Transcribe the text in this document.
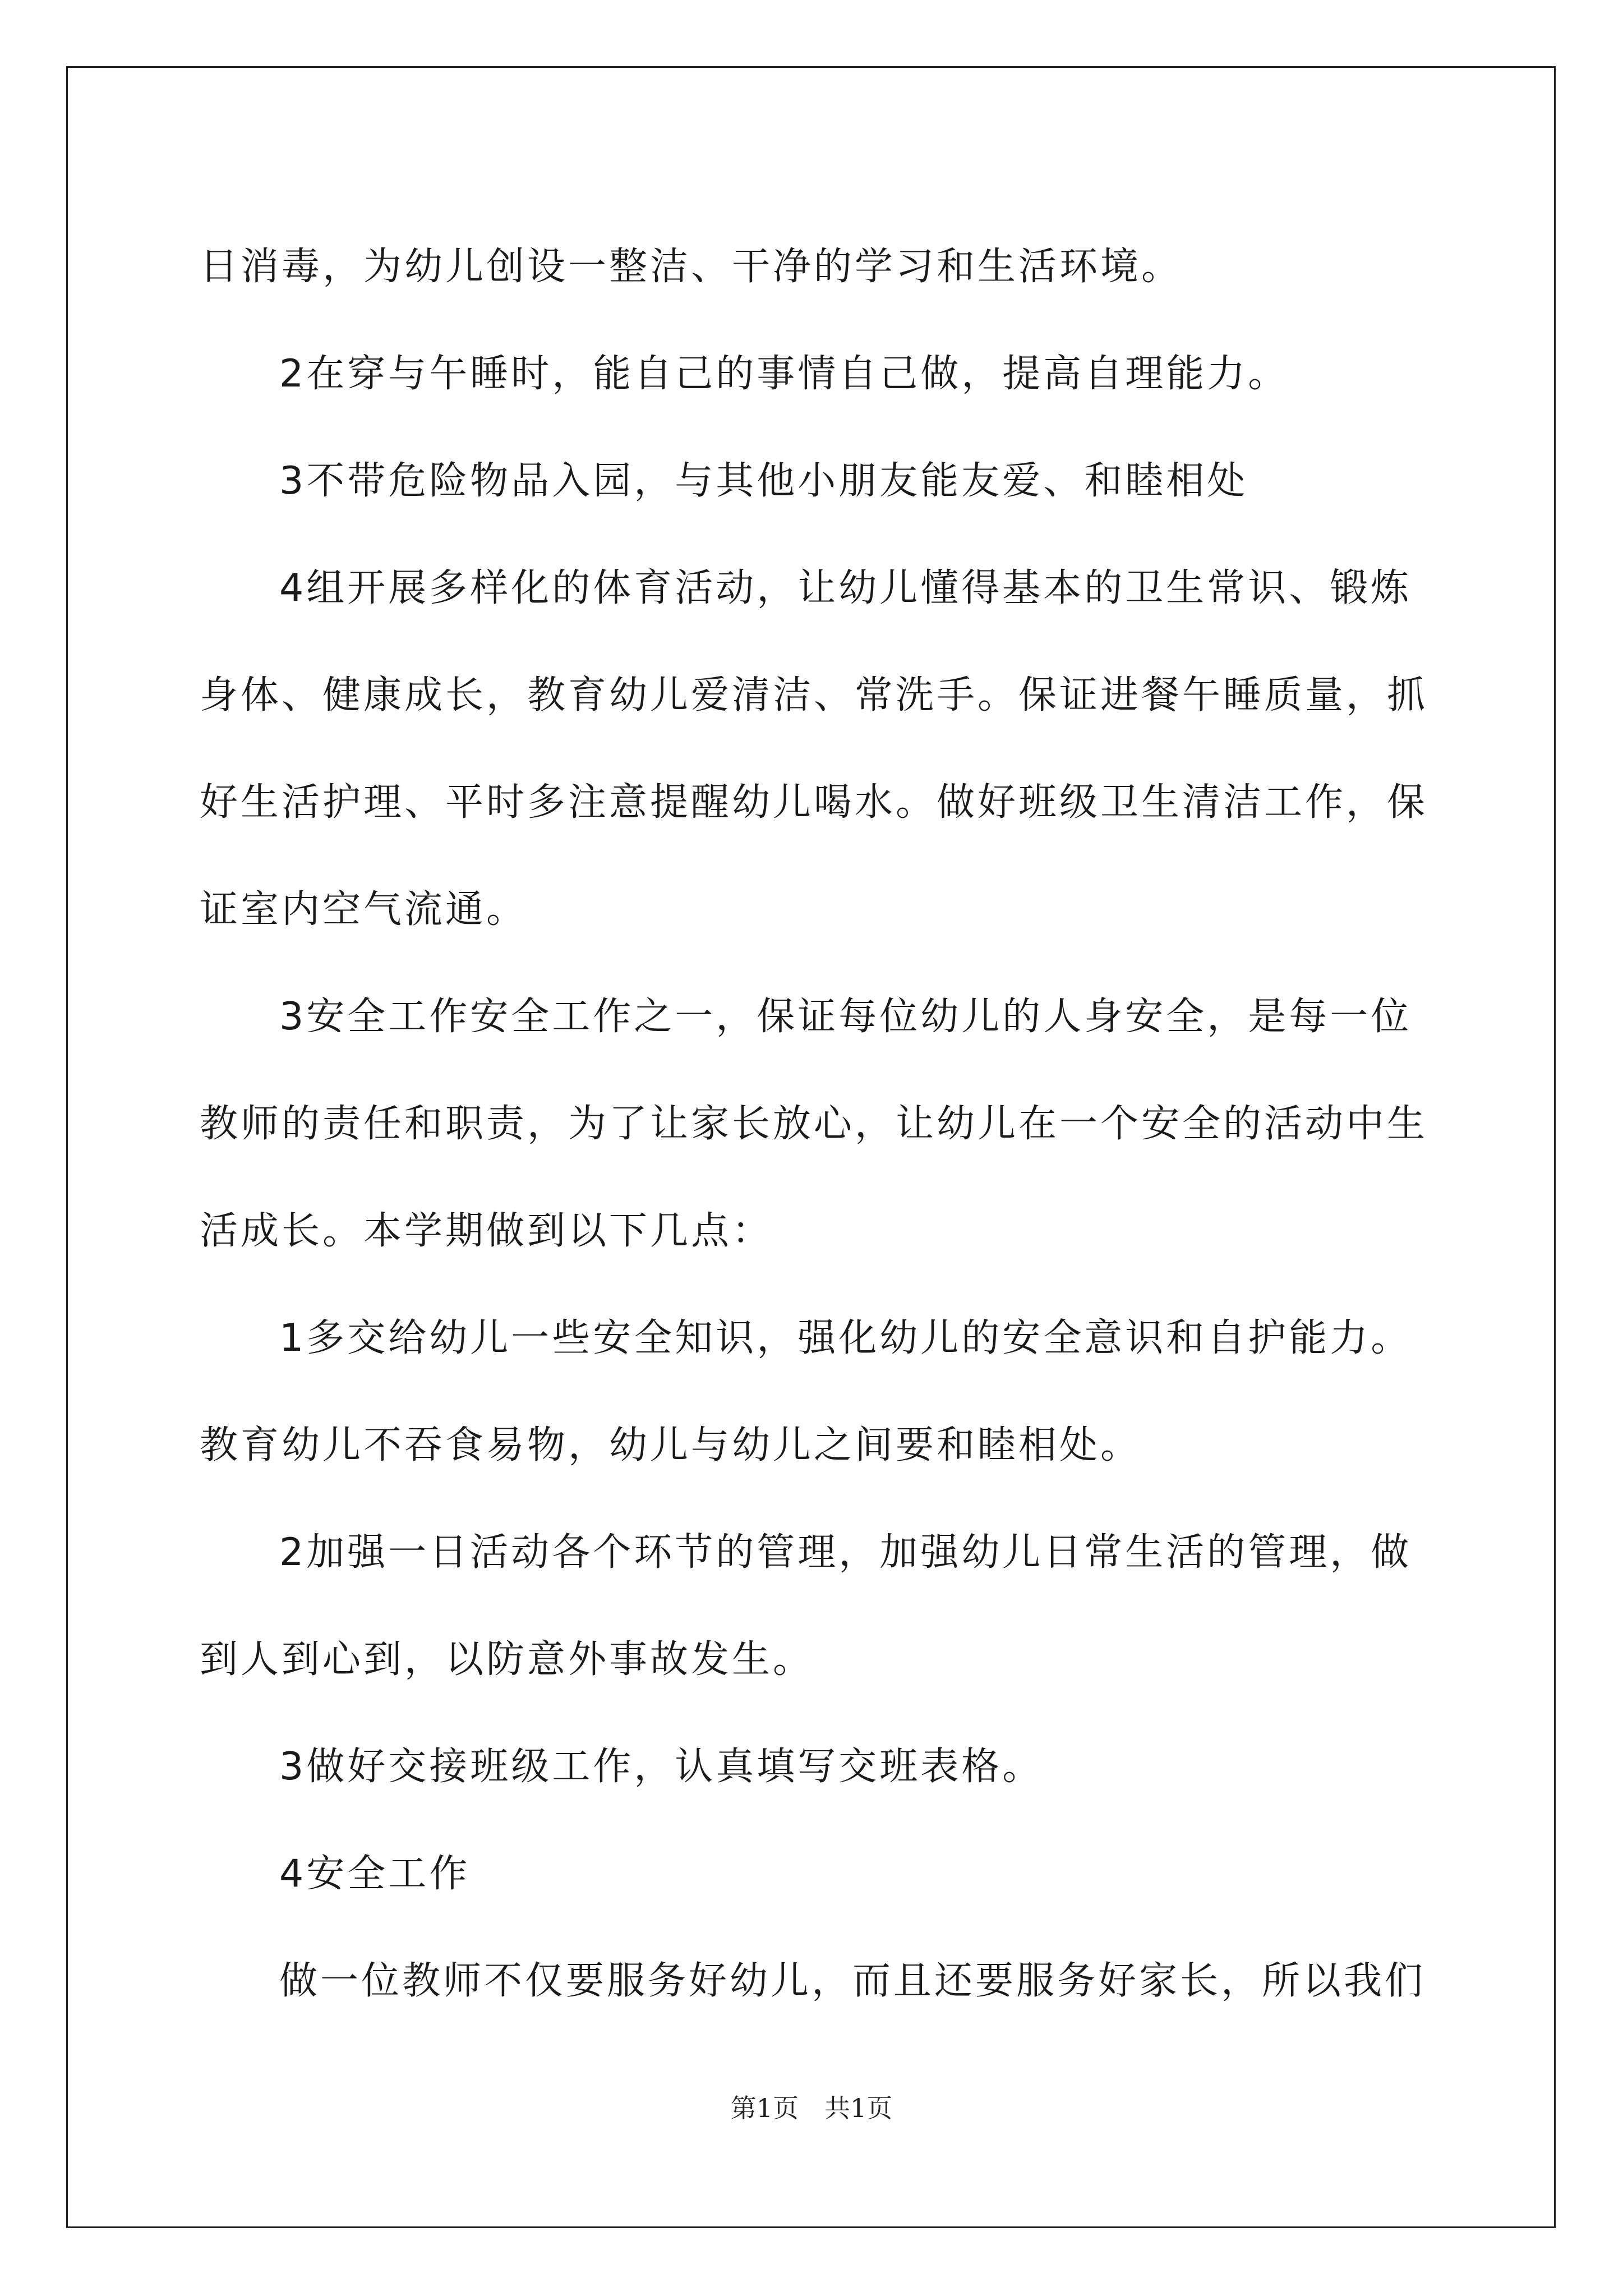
日消毒，为幼儿创设一整洁、干净的学习和生活环境。

2在穿与午睡时，能自己的事情自己做，提高自理能力。

3不带危险物品入园，与其他小朋友能友爱、和睦相处

4组开展多样化的体育活动，让幼儿懂得基本的卫生常识、锻炼身体、健康成长，教育幼儿爱清洁、常洗手。保证进餐午睡质量，抓好生活护理、平时多注意提醒幼儿喝水。做好班级卫生清洁工作，保证室内空气流通。

3安全工作安全工作之一，保证每位幼儿的人身安全，是每一位教师的责任和职责，为了让家长放心，让幼儿在一个安全的活动中生活成长。本学期做到以下几点：

1多交给幼儿一些安全知识，强化幼儿的安全意识和自护能力。教育幼儿不吞食易物，幼儿与幼儿之间要和睦相处。

2加强一日活动各个环节的管理，加强幼儿日常生活的管理，做到人到心到，以防意外事故发生。

3做好交接班级工作，认真填写交班表格。

4安全工作

做一位教师不仅要服务好幼儿，而且还要服务好家长，所以我们

第1页　共1页
